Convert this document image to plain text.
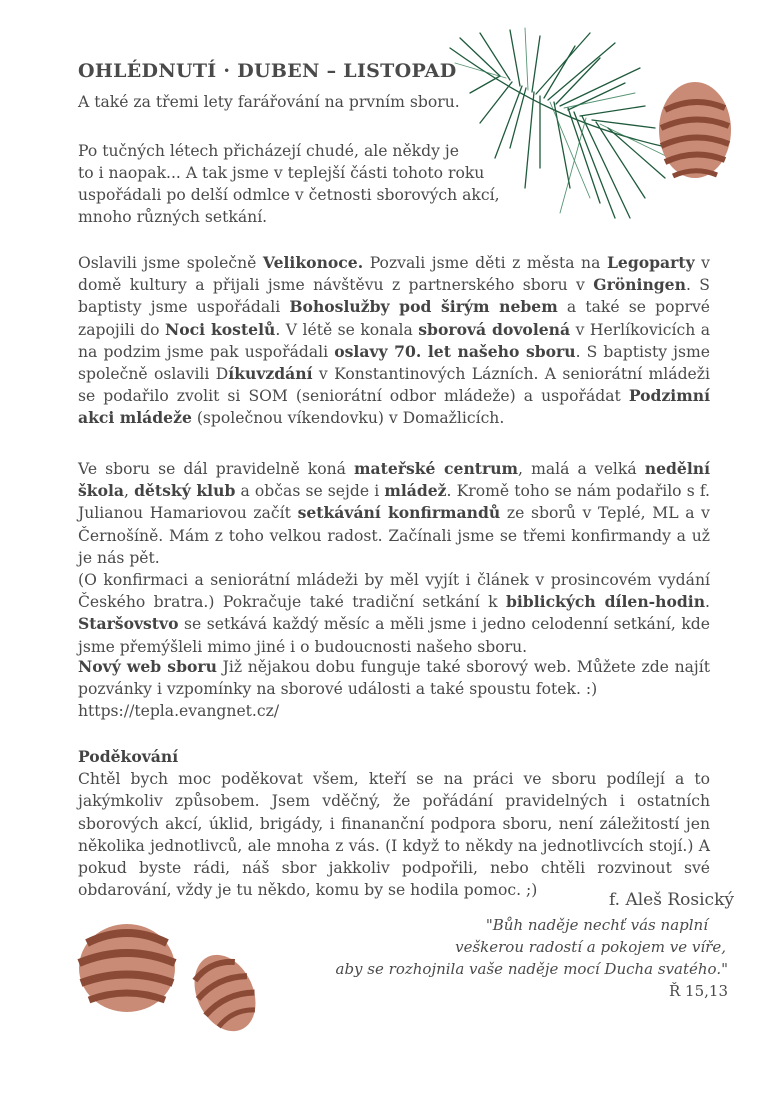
OHLÉDNUTÍ · DUBEN – LISTOPAD
A také za třemi lety farářování na prvním sboru.
Po tučných létech přicházejí chudé, ale někdy je
to i naopak... A tak jsme v teplejší části tohoto roku
uspořádali po delší odmlce v četnosti sborových akcí,
mnoho různých setkání.
Oslavili jsme společně Velikonoce. Pozvali jsme děti z města na Legoparty v domě kultury a přijali jsme návštěvu z partnerského sboru v Gröningen. S baptisty jsme uspořádali Bohoslužby pod širým nebem a také se poprvé zapojili do Noci kostelů. V létě se konala sborová dovolená v Herlíkovicích a na podzim jsme pak uspořádali oslavy 70. let našeho sboru. S baptisty jsme společně oslavili Díkuvzdání v Konstantinových Lázních. A seniorátní mládeži se podařilo zvolit si SOM (seniorátní odbor mládeže) a uspořádat Podzimní akci mládeže (společnou víkendovku) v Domažlicích.
Ve sboru se dál pravidelně koná mateřské centrum, malá a velká nedělní škola, dětský klub a občas se sejde i mládež. Kromě toho se nám podařilo s f. Julianou Hamariovou začít setkávání konfirmandů ze sborů v Teplé, ML a v Černošíně. Mám z toho velkou radost. Začínali jsme se třemi konfirmandy a už je nás pět.
(O konfirmaci a seniorátní mládeži by měl vyjít i článek v prosincovém vydání Českého bratra.) Pokračuje také tradiční setkání k biblických dílen-hodin. Staršovstvo se setkává každý měsíc a měli jsme i jedno celodenní setkání, kde jsme přemýšleli mimo jiné i o budoucnosti našeho sboru.
Nový web sboru Již nějakou dobu funguje také sborový web. Můžete zde najít pozvánky i vzpomínky na sborové události a také spoustu fotek. :)
https://tepla.evangnet.cz/
Poděkování
Chtěl bych moc poděkovat všem, kteří se na práci ve sboru podílejí a to jakýmkoliv způsobem. Jsem vděčný, že pořádání pravidelných i ostatních sborových akcí, úklid, brigády, i finananční podpora sboru, není záležitostí jen několika jednotlivců, ale mnoha z vás. (I když to někdy na jednotlivcích stojí.) A pokud byste rádi, náš sbor jakkoliv podpořili, nebo chtěli rozvinout své obdarování, vždy je tu někdo, komu by se hodila pomoc. ;)	f. Aleš Rosický
"Bůh naděje nechť vás naplní
veškerou radostí a pokojem ve víře,
aby se rozhojnila vaše naděje mocí Ducha svatého."
Ř 15,13
